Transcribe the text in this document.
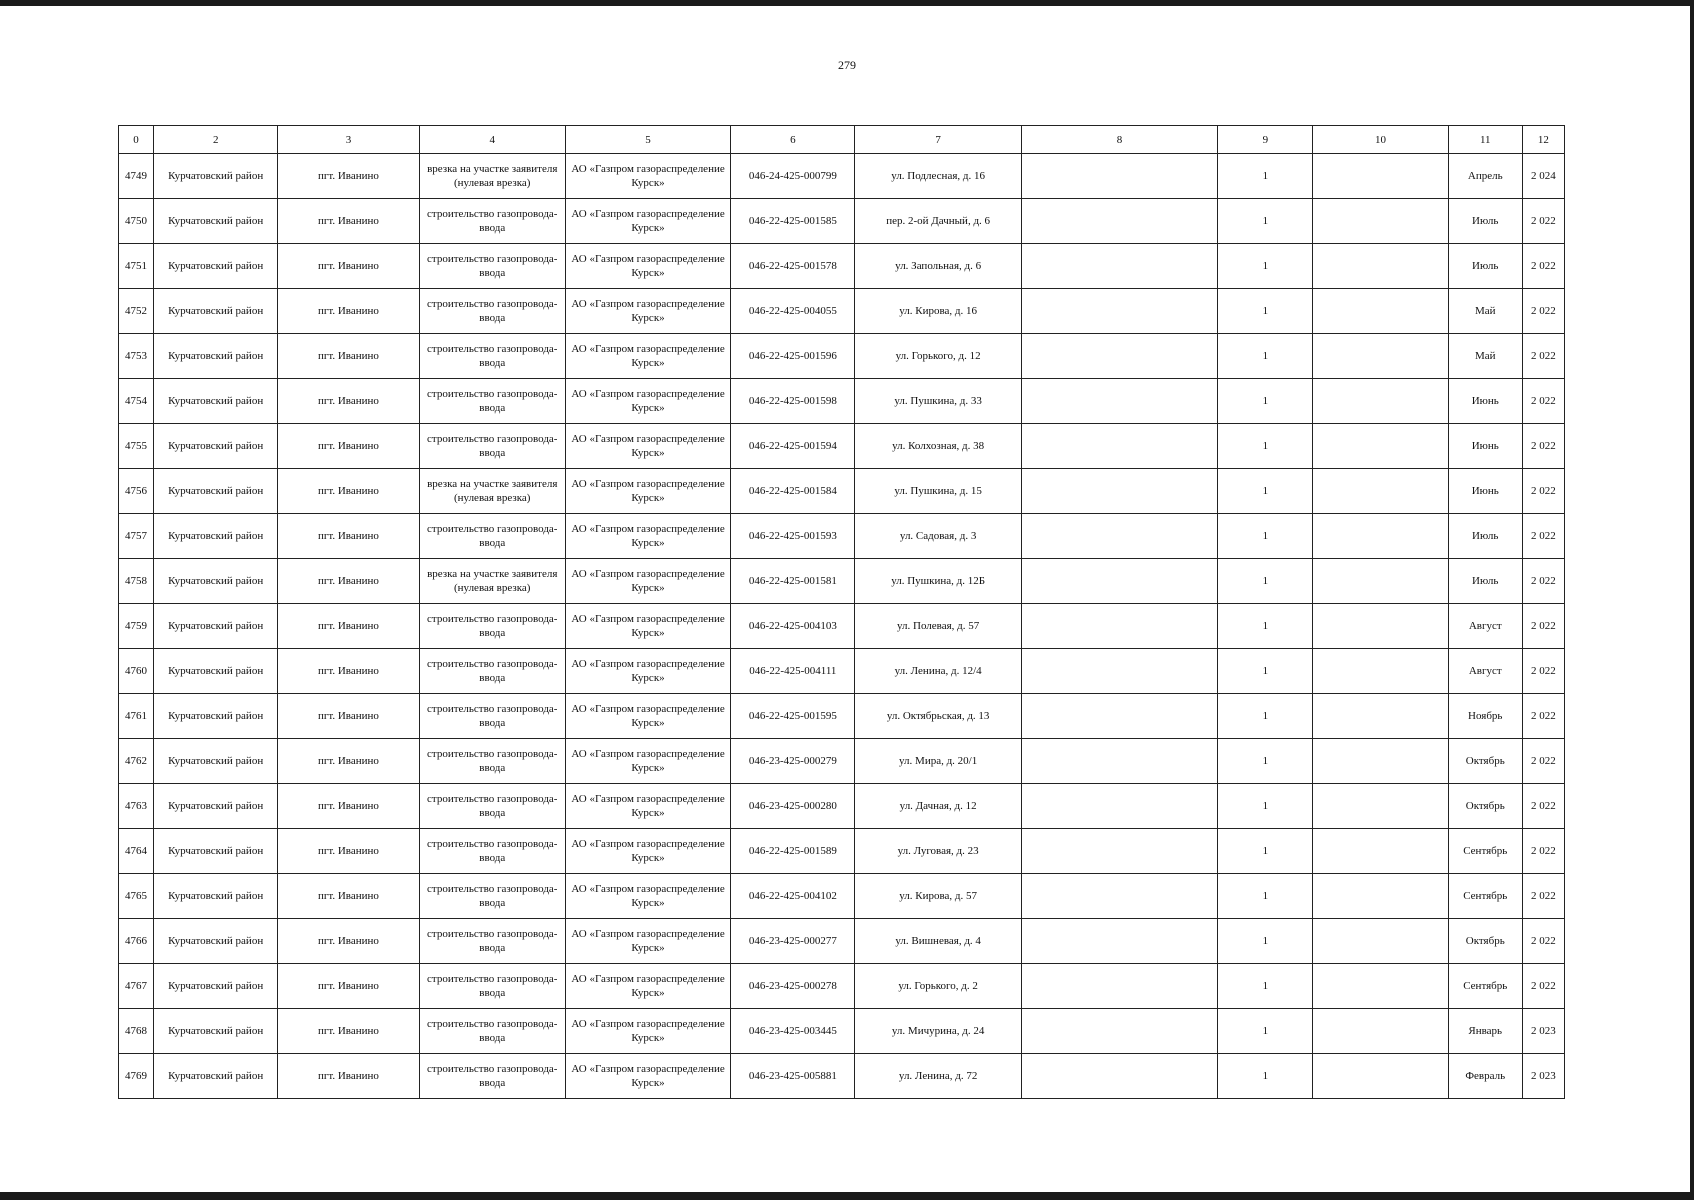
279
0	2	3	4	5	6	7	8	9	10	11	12
4749	Курчатовский район	пгт. Иванино	врезка на участке заявителя (нулевая врезка)	АО «Газпром газораспределение Курск»	046-24-425-000799	ул. Подлесная, д. 16		1		Апрель	2 024
4750	Курчатовский район	пгт. Иванино	строительство газопровода-ввода	АО «Газпром газораспределение Курск»	046-22-425-001585	пер. 2-ой Дачный, д. 6		1		Июль	2 022
4751	Курчатовский район	пгт. Иванино	строительство газопровода-ввода	АО «Газпром газораспределение Курск»	046-22-425-001578	ул. Запольная, д. 6		1		Июль	2 022
4752	Курчатовский район	пгт. Иванино	строительство газопровода-ввода	АО «Газпром газораспределение Курск»	046-22-425-004055	ул. Кирова, д. 16		1		Май	2 022
4753	Курчатовский район	пгт. Иванино	строительство газопровода-ввода	АО «Газпром газораспределение Курск»	046-22-425-001596	ул. Горького, д. 12		1		Май	2 022
4754	Курчатовский район	пгт. Иванино	строительство газопровода-ввода	АО «Газпром газораспределение Курск»	046-22-425-001598	ул. Пушкина, д. 33		1		Июнь	2 022
4755	Курчатовский район	пгт. Иванино	строительство газопровода-ввода	АО «Газпром газораспределение Курск»	046-22-425-001594	ул. Колхозная, д. 38		1		Июнь	2 022
4756	Курчатовский район	пгт. Иванино	врезка на участке заявителя (нулевая врезка)	АО «Газпром газораспределение Курск»	046-22-425-001584	ул. Пушкина, д. 15		1		Июнь	2 022
4757	Курчатовский район	пгт. Иванино	строительство газопровода-ввода	АО «Газпром газораспределение Курск»	046-22-425-001593	ул. Садовая, д. 3		1		Июль	2 022
4758	Курчатовский район	пгт. Иванино	врезка на участке заявителя (нулевая врезка)	АО «Газпром газораспределение Курск»	046-22-425-001581	ул. Пушкина, д. 12Б		1		Июль	2 022
4759	Курчатовский район	пгт. Иванино	строительство газопровода-ввода	АО «Газпром газораспределение Курск»	046-22-425-004103	ул. Полевая, д. 57		1		Август	2 022
4760	Курчатовский район	пгт. Иванино	строительство газопровода-ввода	АО «Газпром газораспределение Курск»	046-22-425-004111	ул. Ленина, д. 12/4		1		Август	2 022
4761	Курчатовский район	пгт. Иванино	строительство газопровода-ввода	АО «Газпром газораспределение Курск»	046-22-425-001595	ул. Октябрьская, д. 13		1		Ноябрь	2 022
4762	Курчатовский район	пгт. Иванино	строительство газопровода-ввода	АО «Газпром газораспределение Курск»	046-23-425-000279	ул. Мира, д. 20/1		1		Октябрь	2 022
4763	Курчатовский район	пгт. Иванино	строительство газопровода-ввода	АО «Газпром газораспределение Курск»	046-23-425-000280	ул. Дачная, д. 12		1		Октябрь	2 022
4764	Курчатовский район	пгт. Иванино	строительство газопровода-ввода	АО «Газпром газораспределение Курск»	046-22-425-001589	ул. Луговая, д. 23		1		Сентябрь	2 022
4765	Курчатовский район	пгт. Иванино	строительство газопровода-ввода	АО «Газпром газораспределение Курск»	046-22-425-004102	ул. Кирова, д. 57		1		Сентябрь	2 022
4766	Курчатовский район	пгт. Иванино	строительство газопровода-ввода	АО «Газпром газораспределение Курск»	046-23-425-000277	ул. Вишневая, д. 4		1		Октябрь	2 022
4767	Курчатовский район	пгт. Иванино	строительство газопровода-ввода	АО «Газпром газораспределение Курск»	046-23-425-000278	ул. Горького, д. 2		1		Сентябрь	2 022
4768	Курчатовский район	пгт. Иванино	строительство газопровода-ввода	АО «Газпром газораспределение Курск»	046-23-425-003445	ул. Мичурина, д. 24		1		Январь	2 023
4769	Курчатовский район	пгт. Иванино	строительство газопровода-ввода	АО «Газпром газораспределение Курск»	046-23-425-005881	ул. Ленина, д. 72		1		Февраль	2 023
